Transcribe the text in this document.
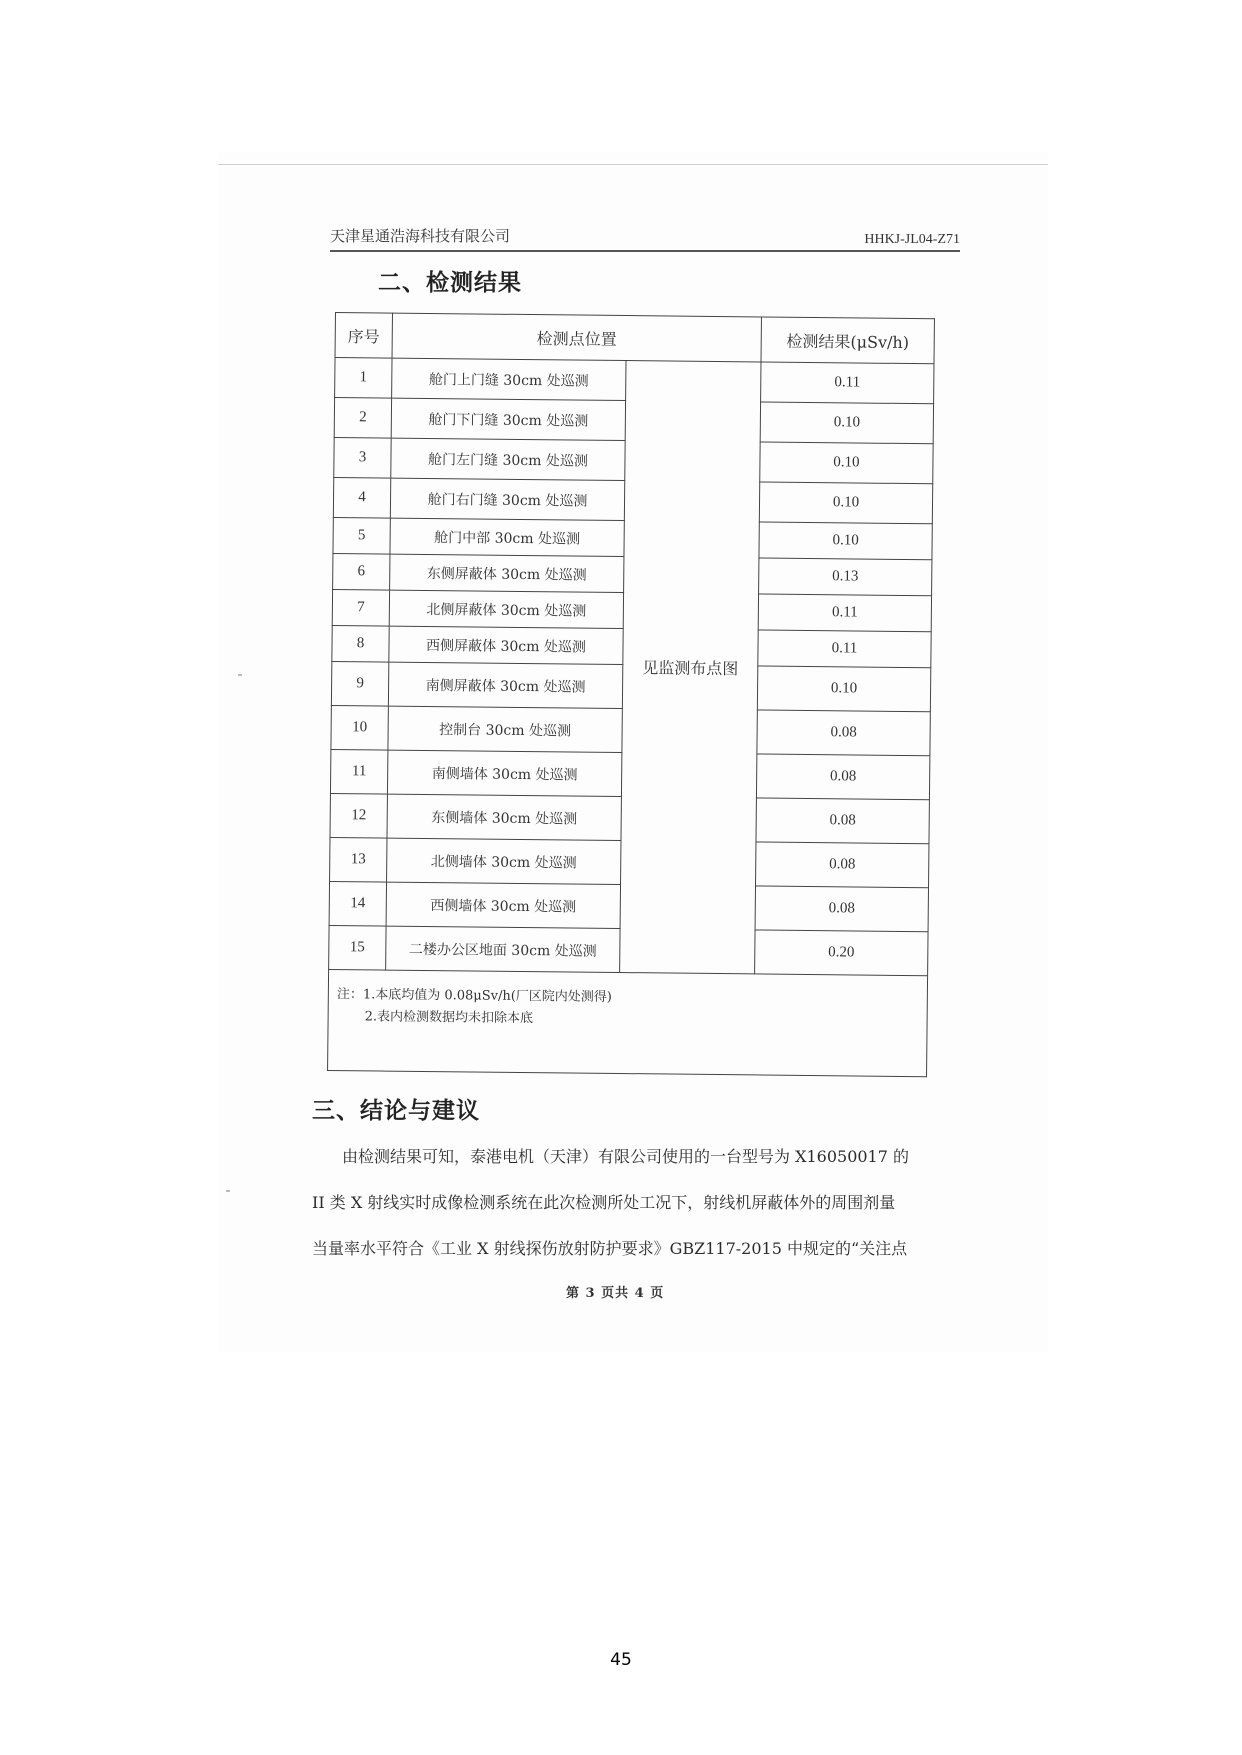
天津星通浩海科技有限公司	HHKJ-JL04-Z71
二、检测结果
序号	检测点位置		检测结果(μSv/h)
1	舱门上门缝 30cm 处巡测	见监测布点图	0.11
2	舱门下门缝 30cm 处巡测		0.10
3	舱门左门缝 30cm 处巡测		0.10
4	舱门右门缝 30cm 处巡测		0.10
5	舱门中部 30cm 处巡测		0.10
6	东侧屏蔽体 30cm 处巡测		0.13
7	北侧屏蔽体 30cm 处巡测		0.11
8	西侧屏蔽体 30cm 处巡测		0.11
9	南侧屏蔽体 30cm 处巡测		0.10
10	控制台 30cm 处巡测		0.08
11	南侧墙体 30cm 处巡测		0.08
12	东侧墙体 30cm 处巡测		0.08
13	北侧墙体 30cm 处巡测		0.08
14	西侧墙体 30cm 处巡测		0.08
15	二楼办公区地面 30cm 处巡测		0.20

注：1.本底均值为 0.08μSv/h(厂区院内处测得)
2.表内检测数据均未扣除本底			
三、结论与建议
由检测结果可知，泰港电机（天津）有限公司使用的一台型号为 X16050017 的
II 类 X 射线实时成像检测系统在此次检测所处工况下，射线机屏蔽体外的周围剂量
当量率水平符合《工业 X 射线探伤放射防护要求》GBZ117-2015 中规定的“关注点
第 3 页共 4 页
45
